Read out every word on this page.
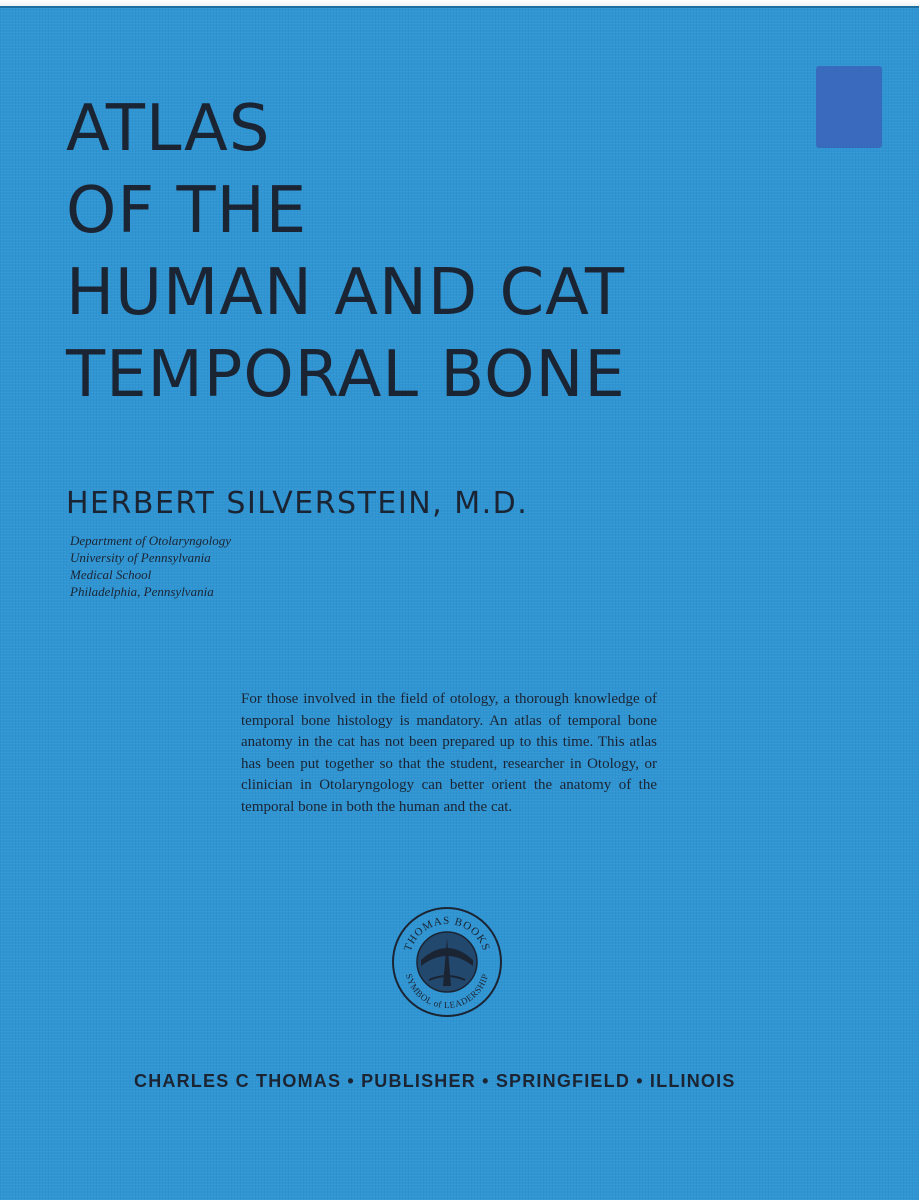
ATLAS
OF THE
HUMAN AND CAT
TEMPORAL BONE
HERBERT SILVERSTEIN, M.D.
Department of Otolaryngology
University of Pennsylvania
Medical School
Philadelphia, Pennsylvania
For those involved in the field of otology, a thorough knowledge of temporal bone histology is mandatory. An atlas of temporal bone anatomy in the cat has not been prepared up to this time. This atlas has been put together so that the student, researcher in Otology, or clinician in Otolaryngology can better orient the anatomy of the temporal bone in both the human and the cat.
THOMAS BOOKS
SYMBOL of LEADERSHIP
CHARLES C THOMAS • PUBLISHER • SPRINGFIELD • ILLINOIS
